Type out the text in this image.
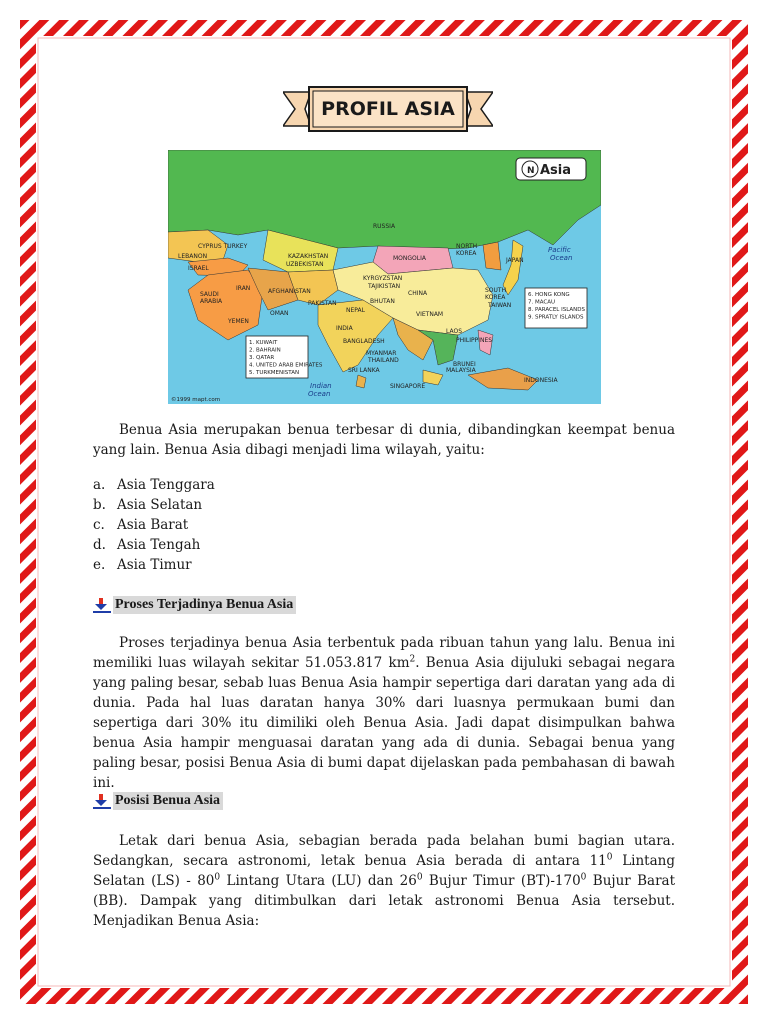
PROFIL ASIA
RUSSIA
CYPRUS TURKEY
LEBANON
ISRAEL
KAZAKHSTAN
UZBEKISTAN
MONGOLIA
NORTH
KOREA
JAPAN
IRAN	AFGHANISTAN
KYRGYZSTAN
TAJIKISTAN
SAUDI
ARABIA
OMAN
PAKISTAN
CHINA	SOUTH
KOREA
TAIWAN
YEMEN
INDIA
NEPAL
BHUTAN
BANGLADESH
MYANMAR
THAILAND
VIETNAM
LAOS
PHILIPPINES
SRI LANKA
BRUNEI
MALAYSIA
SINGAPORE
INDONESIA
Pacific
Ocean
Indian
Ocean
N Asia
1. KUWAIT
2. BAHRAIN
3. QATAR
4. UNITED ARAB EMIRATES
5. TURKMENISTAN
6. HONG KONG
7. MACAU
8. PARACEL ISLANDS
9. SPRATLY ISLANDS
©1999 mapt.com
Benua Asia merupakan benua terbesar di dunia, dibandingkan keempat benua yang lain. Benua Asia dibagi menjadi lima wilayah, yaitu:
a. Asia Tenggara
b. Asia Selatan
c. Asia Barat
d. Asia Tengah
e. Asia Timur
Proses Terjadinya Benua Asia
Proses terjadinya benua Asia terbentuk pada ribuan tahun yang lalu. Benua ini memiliki luas wilayah sekitar 51.053.817 $km^2$. Benua Asia dijuluki sebagai negara yang paling besar, sebab luas Benua Asia hampir sepertiga dari daratan yang ada di dunia. Pada hal luas daratan hanya 30% dari luasnya permukaan bumi dan sepertiga dari 30% itu dimiliki oleh Benua Asia. Jadi dapat disimpulkan bahwa benua Asia hampir menguasai daratan yang ada di dunia. Sebagai benua yang paling besar, posisi Benua Asia di bumi dapat dijelaskan pada pembahasan di bawah ini.
Posisi Benua Asia
Letak dari benua Asia, sebagian berada pada belahan bumi bagian utara. Sedangkan, secara astronomi, letak benua Asia berada di antara $11^0$ Lintang Selatan $(LS) - 80^0$ Lintang Utara (LU) dan $26^0$ Bujur Timur $(BT)-170^0$ Bujur Barat (BB). Dampak yang ditimbulkan dari letak astronomi Benua Asia tersebut. Menjadikan Benua Asia:
